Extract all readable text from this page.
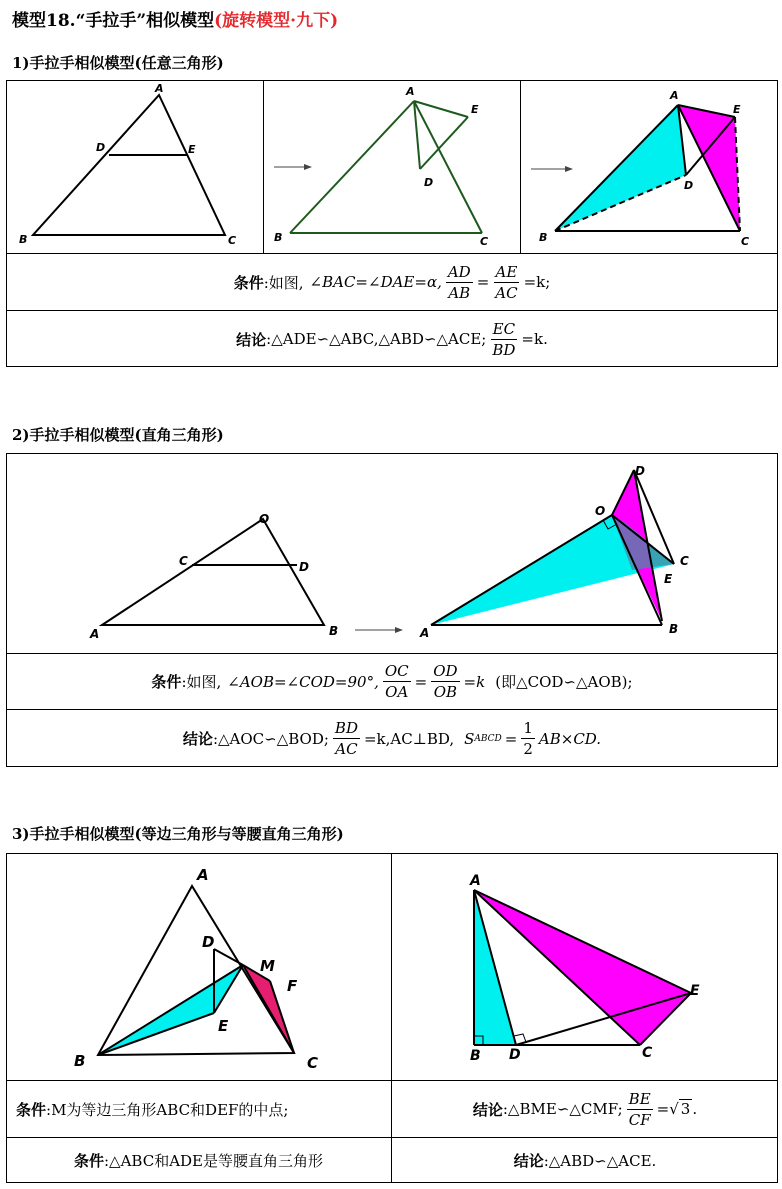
模型18.“手拉手”相似模型(旋转模型·九下)
1)手拉手相似模型(任意三角形)
A
D	E
B	C
A
E
D
B	C
A
E
D
B	C
条件 :如图, ∠BAC=∠DAE=α, $\frac{AD}{AB} = \frac{AE}{AC} =k$;
结论 :△ADE∽△ABC,△ABD∽△ACE; $\frac{EC}{BD} =k$.
2)手拉手相似模型(直角三角形)
O
C	D
A	B
D
O
C
E
A	B
条件 :如图, ∠AOB=∠COD=90°, $\frac{OC}{OA} = \frac{OD}{OB} =k$ (即△COD∽△AOB);
结论 :△AOC∽△BOD; $\frac{BD}{AC}$ =k,AC⊥BD, S ABCD = $\frac{1}{2} AB\times CD$.
3)手拉手相似模型(等边三角形与等腰直角三角形)
A
D
M
F
E
B	C
A
E
B D	C
条件 :M为等边三角形ABC和DEF的中点;	结论 :△BME∽△CMF; $\frac{BE}{CF}$ = √ 3 .
条件 :△ABC和ADE是等腰直角三角形	结论 :△ABD∽△ACE.
